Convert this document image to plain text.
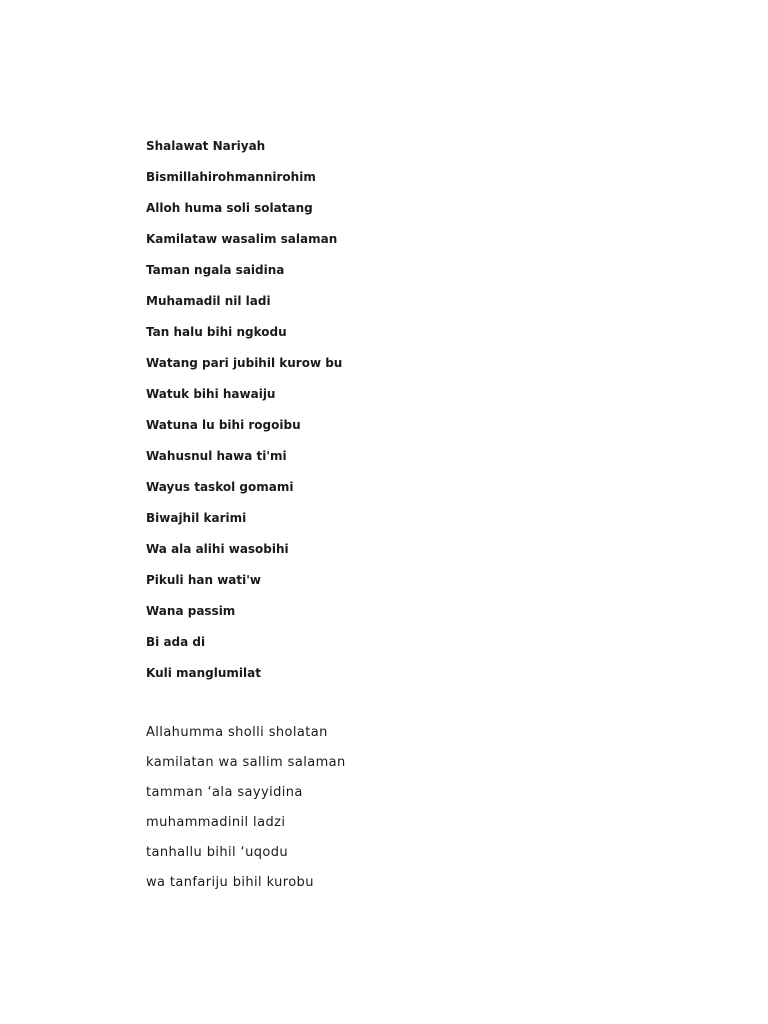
Shalawat Nariyah
Bismillahirohmannirohim
Alloh huma soli solatang
Kamilataw wasalim salaman
Taman ngala saidina
Muhamadil nil ladi
Tan halu bihi ngkodu
Watang pari jubihil kurow bu
Watuk bihi hawaiju
Watuna lu bihi rogoibu
Wahusnul hawa ti'mi
Wayus taskol gomami
Biwajhil karimi
Wa ala alihi wasobihi
Pikuli han wati'w
Wana passim
Bi ada di
Kuli manglumilat
Allahumma sholli sholatan
kamilatan wa sallim salaman
tamman ‘ala sayyidina
muhammadinil ladzi
tanhallu bihil ‘uqodu
wa tanfariju bihil kurobu
